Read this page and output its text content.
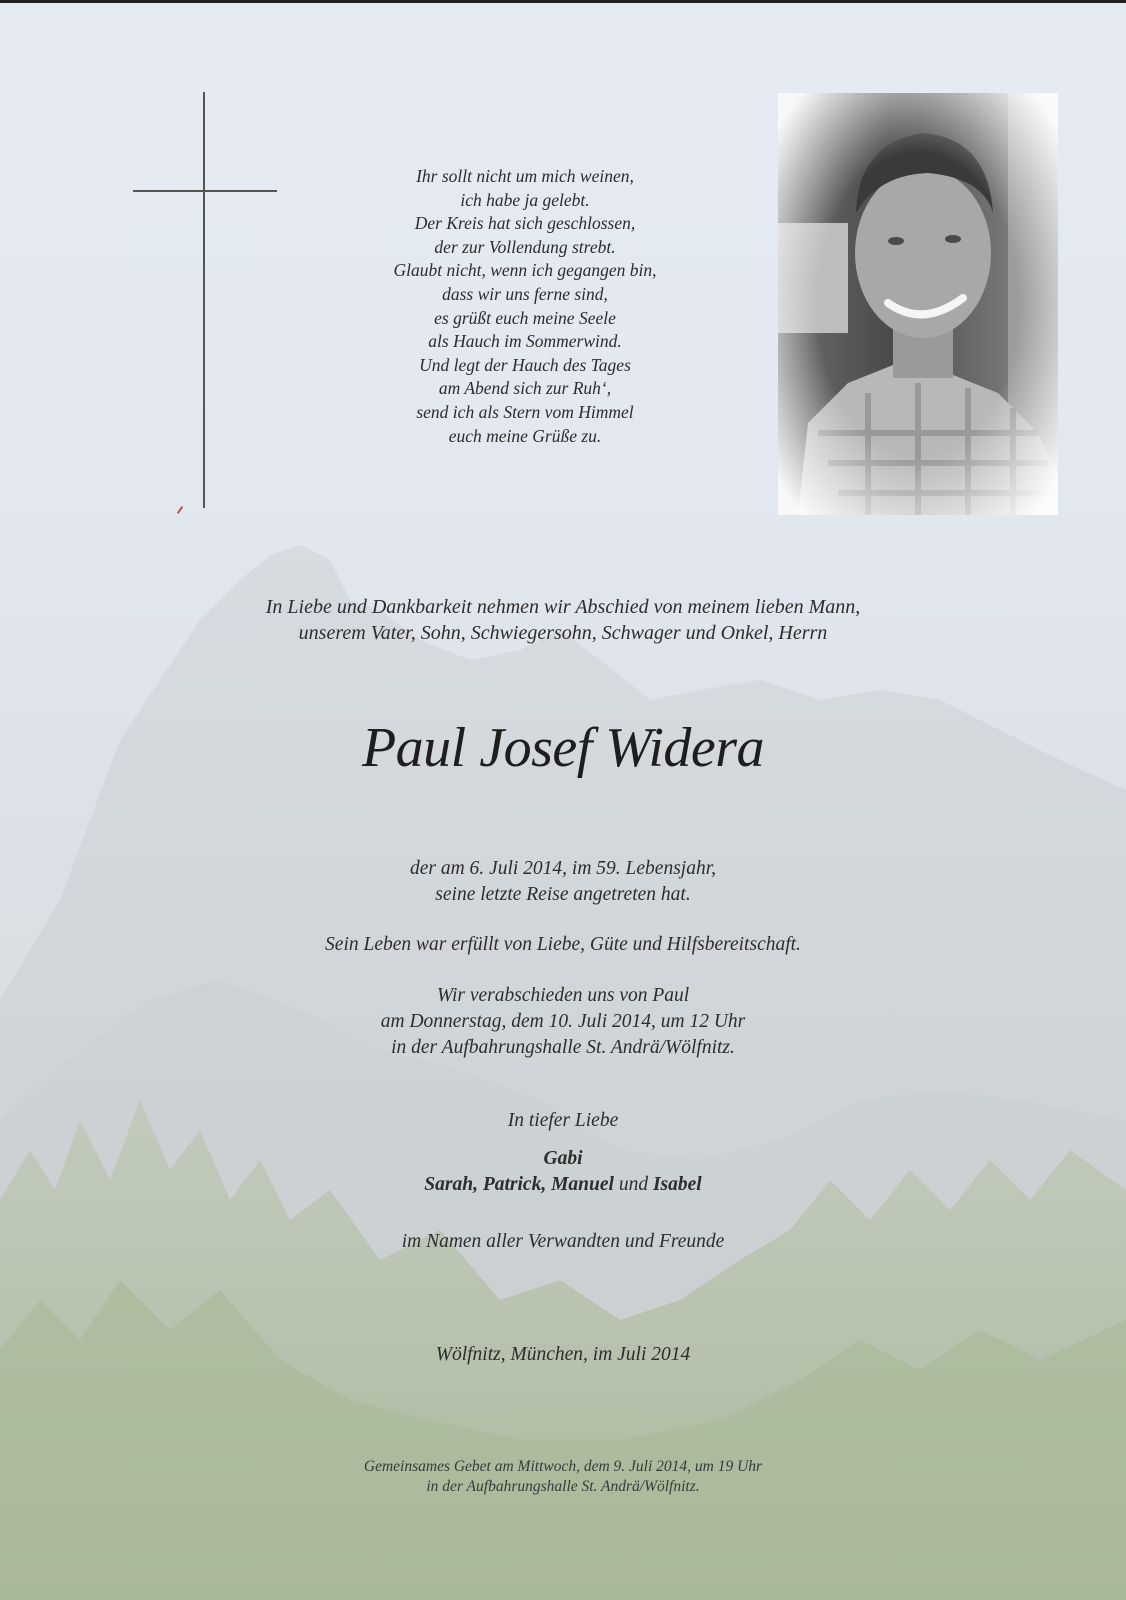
Ihr sollt nicht um mich weinen,
ich habe ja gelebt.
Der Kreis hat sich geschlossen,
der zur Vollendung strebt.
Glaubt nicht, wenn ich gegangen bin,
dass wir uns ferne sind,
es grüßt euch meine Seele
als Hauch im Sommerwind.
Und legt der Hauch des Tages
am Abend sich zur Ruh‘,
send ich als Stern vom Himmel
euch meine Grüße zu.
In Liebe und Dankbarkeit nehmen wir Abschied von meinem lieben Mann,
unserem Vater, Sohn, Schwiegersohn, Schwager und Onkel, Herrn
Paul Josef Widera
der am 6. Juli 2014, im 59. Lebensjahr,
seine letzte Reise angetreten hat.
Sein Leben war erfüllt von Liebe, Güte und Hilfsbereitschaft.
Wir verabschieden uns von Paul
am Donnerstag, dem 10. Juli 2014, um 12 Uhr
in der Aufbahrungshalle St. Andrä/Wölfnitz.
In tiefer Liebe
Gabi
Sarah, Patrick, Manuel und Isabel
im Namen aller Verwandten und Freunde
Wölfnitz, München, im Juli 2014
Gemeinsames Gebet am Mittwoch, dem 9. Juli 2014, um 19 Uhr
in der Aufbahrungshalle St. Andrä/Wölfnitz.
